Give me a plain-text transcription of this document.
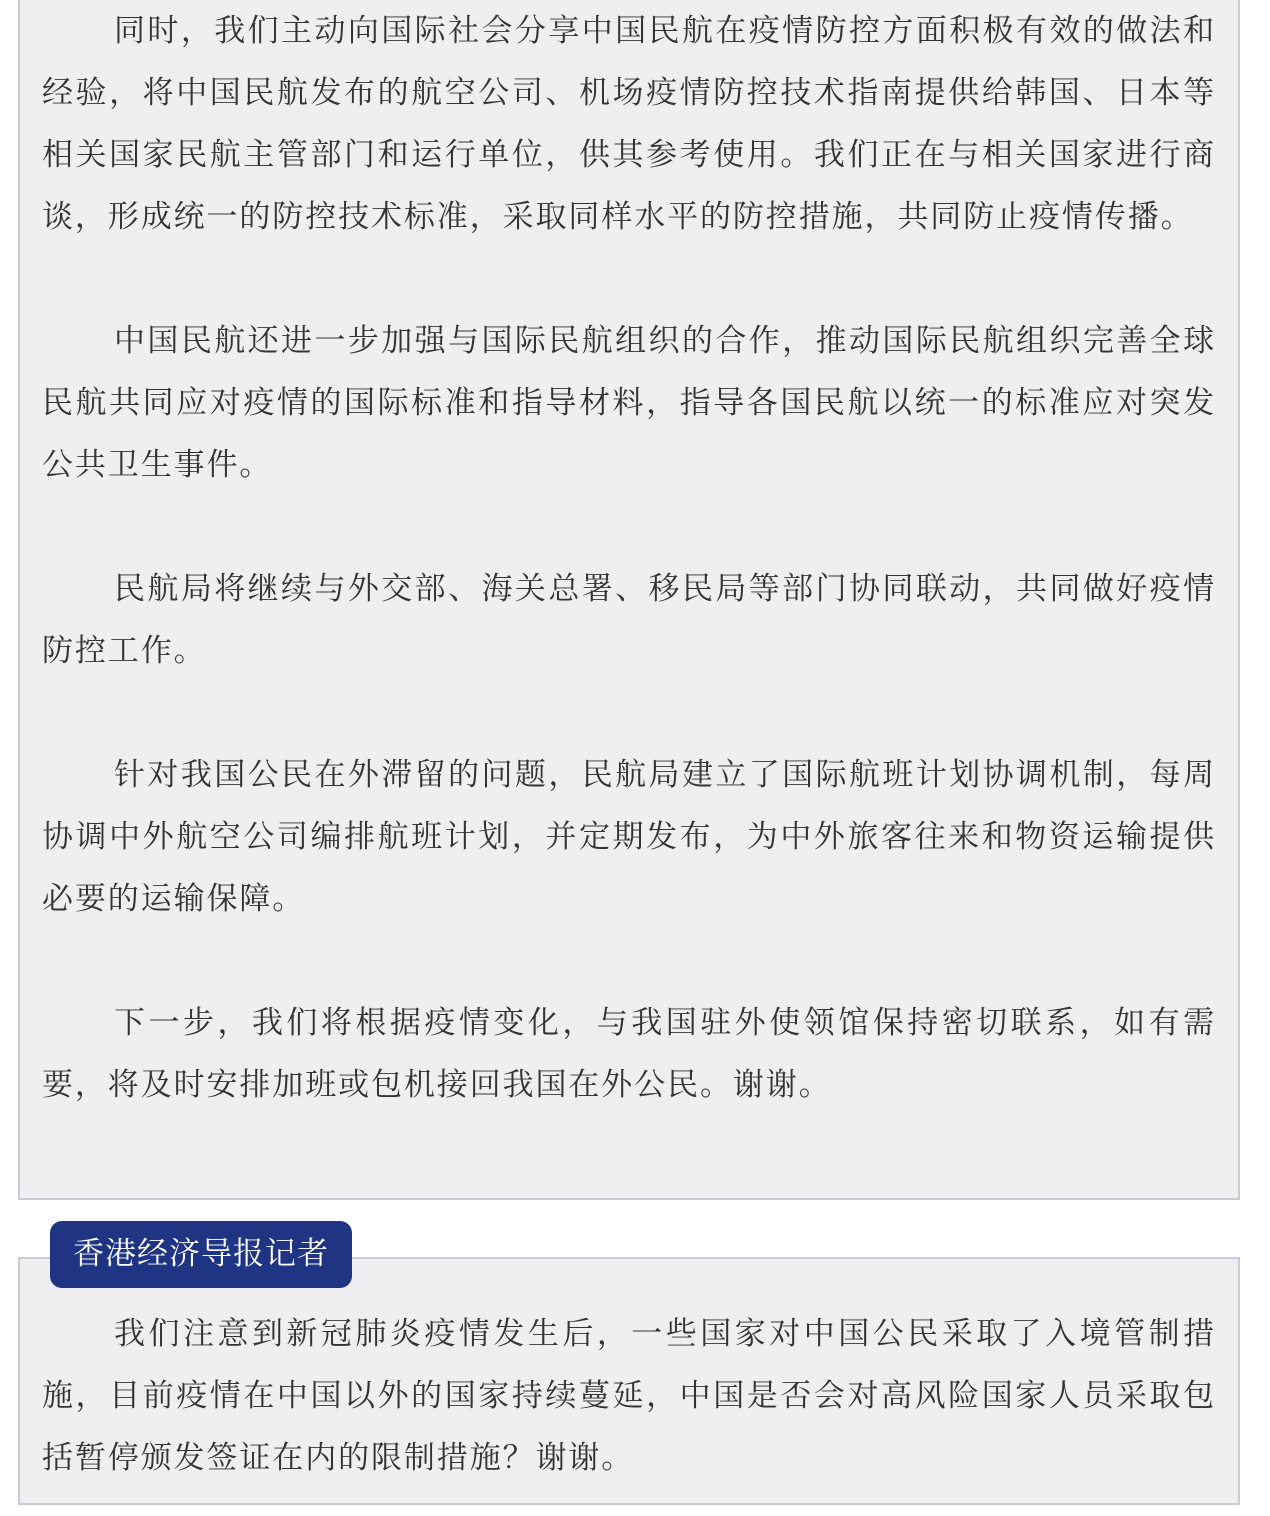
同时，我们主动向国际社会分享中国民航在疫情防控方面积极有效的做法和经验，将中国民航发布的航空公司、机场疫情防控技术指南提供给韩国、日本等相关国家民航主管部门和运行单位，供其参考使用。我们正在与相关国家进行商谈，形成统一的防控技术标准，采取同样水平的防控措施，共同防止疫情传播。

中国民航还进一步加强与国际民航组织的合作，推动国际民航组织完善全球民航共同应对疫情的国际标准和指导材料，指导各国民航以统一的标准应对突发公共卫生事件。

民航局将继续与外交部、海关总署、移民局等部门协同联动，共同做好疫情防控工作。

针对我国公民在外滞留的问题，民航局建立了国际航班计划协调机制，每周协调中外航空公司编排航班计划，并定期发布，为中外旅客往来和物资运输提供必要的运输保障。

下一步，我们将根据疫情变化，与我国驻外使领馆保持密切联系，如有需要，将及时安排加班或包机接回我国在外公民。谢谢。

我们注意到新冠肺炎疫情发生后，一些国家对中国公民采取了入境管制措施，目前疫情在中国以外的国家持续蔓延，中国是否会对高风险国家人员采取包括暂停颁发签证在内的限制措施？谢谢。

香港经济导报记者
